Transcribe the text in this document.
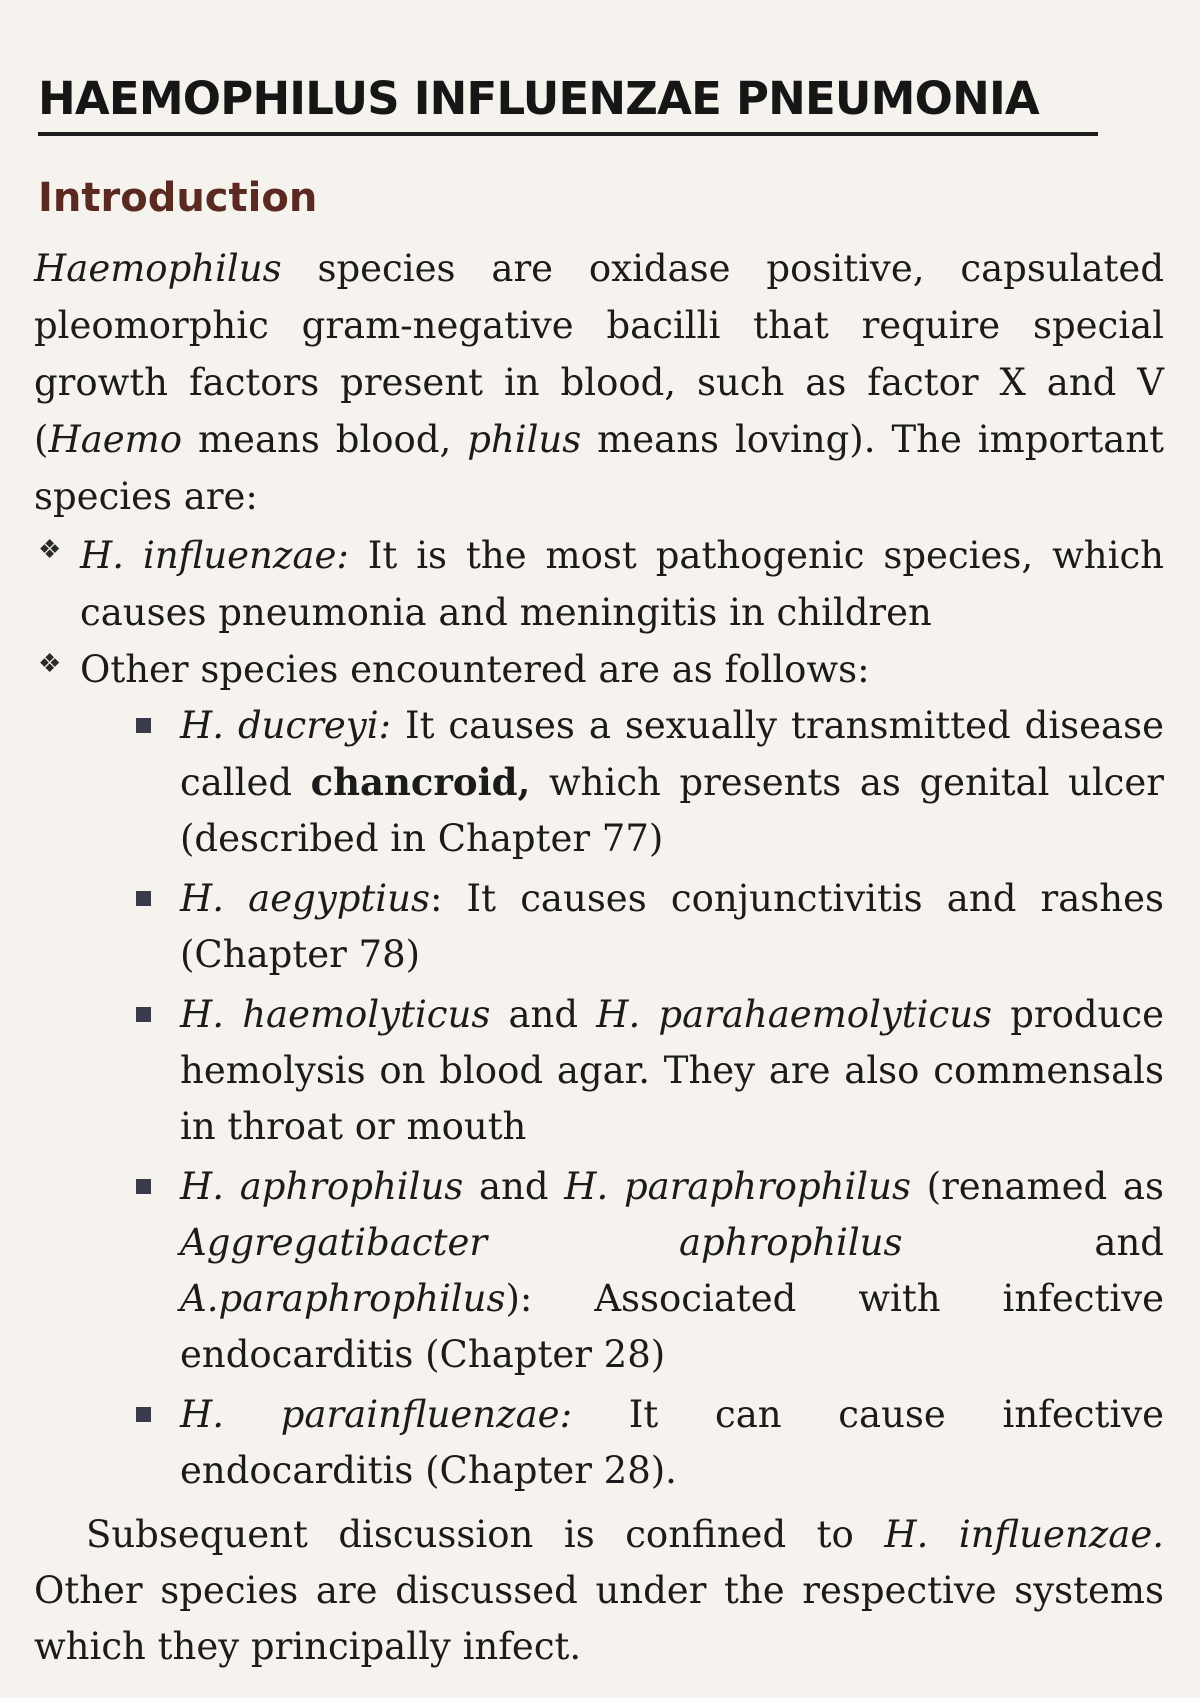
HAEMOPHILUS INFLUENZAE PNEUMONIA
Introduction

Haemophilus species are oxidase positive, capsulated pleomorphic gram-negative bacilli that require special growth factors present in blood, such as factor X and V (Haemo means blood, philus means loving). The important species are:

❖ H. influenzae: It is the most pathogenic species, which causes pneumonia and meningitis in children
❖ Other species encountered are as follows:
H. ducreyi: It causes a sexually transmitted disease called chancroid, which presents as genital ulcer (described in Chapter 77)
H. aegyptius: It causes conjunctivitis and rashes (Chapter 78)
H. haemolyticus and H. parahaemolyticus produce hemolysis on blood agar. They are also commensals in throat or mouth
H. aphrophilus and H. paraphrophilus (renamed as Aggregatibacter aphrophilus and A.paraphrophilus): Associated with infective endocarditis (Chapter 28)
H. parainfluenzae: It can cause infective endocarditis (Chapter 28).

Subsequent discussion is confined to H. influenzae. Other species are discussed under the respective systems which they principally infect.
